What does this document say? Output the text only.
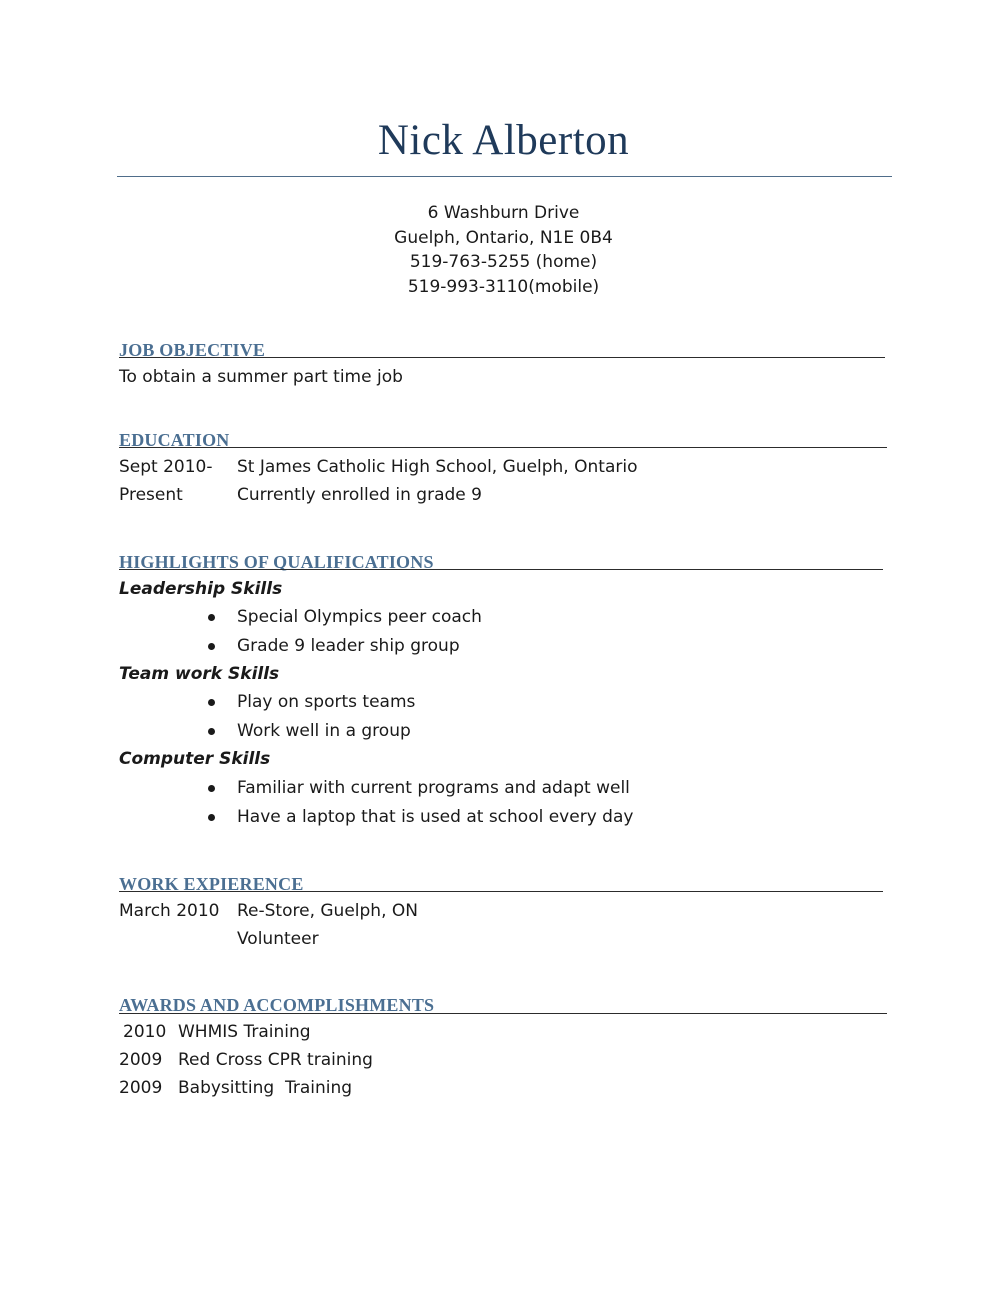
Nick Alberton
6 Washburn Drive
Guelph, Ontario, N1E 0B4
519-763-5255 (home)
519-993-3110(mobile)
JOB OBJECTIVE
To obtain a summer part time job
EDUCATION
Sept 2010- St James Catholic High School, Guelph, Ontario
Present	Currently enrolled in grade 9
HIGHLIGHTS OF QUALIFICATIONS
Leadership Skills
Special Olympics peer coach
Grade 9 leader ship group
Team work Skills
Play on sports teams
Work well in a group
Computer Skills
Familiar with current programs and adapt well
Have a laptop that is used at school every day
WORK EXPIERENCE
March 2010 Re-Store, Guelph, ON
Volunteer
AWARDS AND ACCOMPLISHMENTS
2010 WHMIS Training
2009 Red Cross CPR training
2009 Babysitting  Training
